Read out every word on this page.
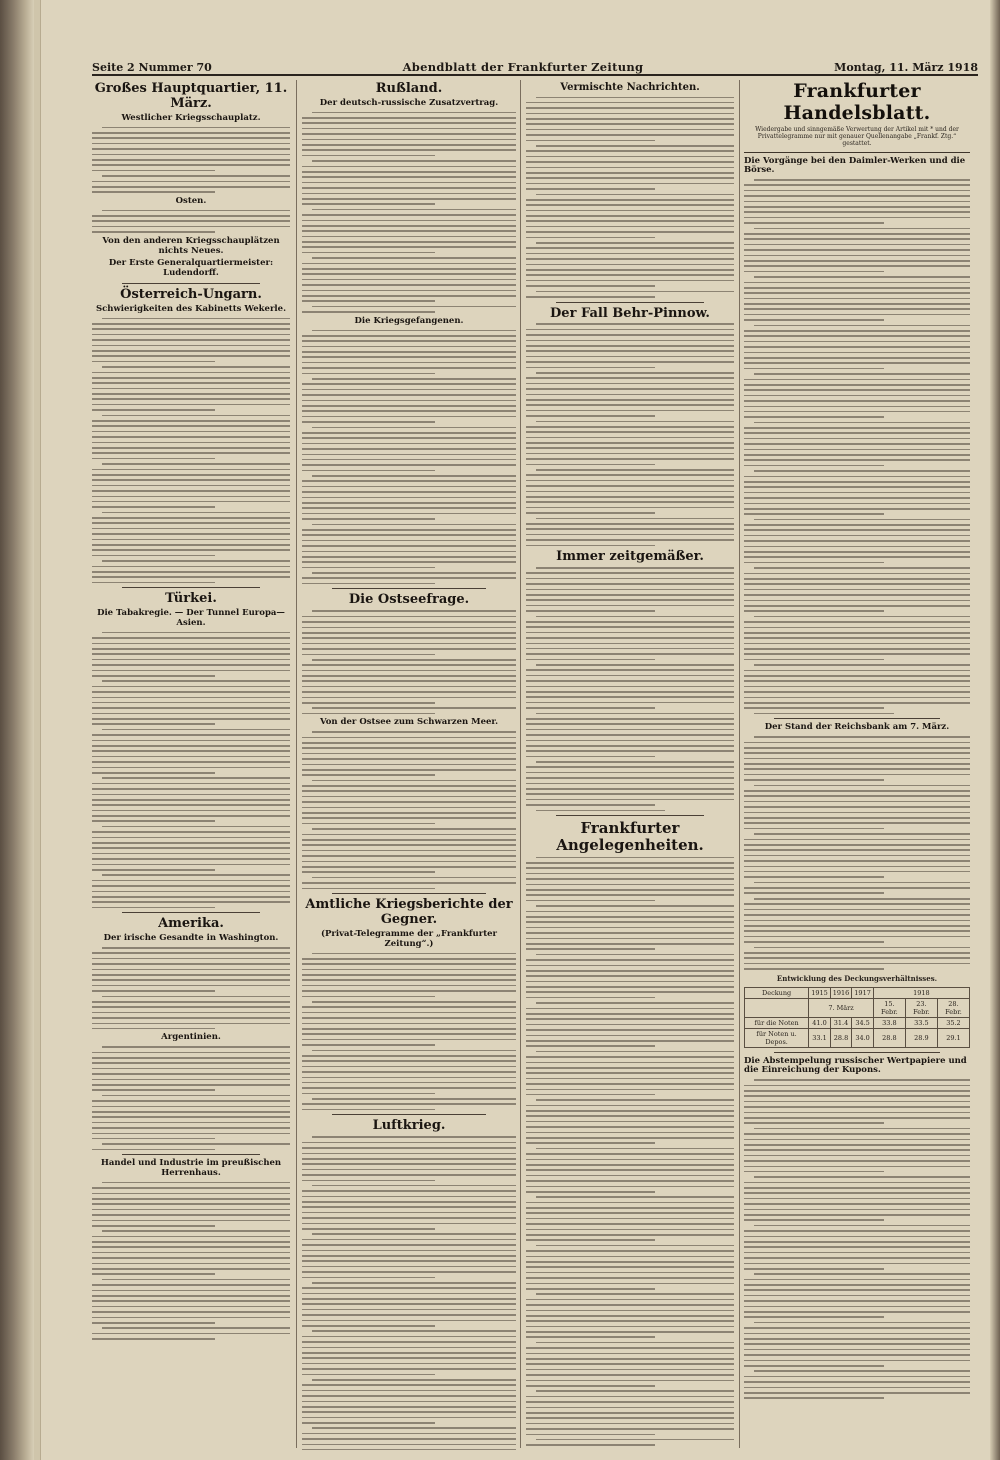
Seite 2 Nummer 70	Abendblatt der Frankfurter Zeitung	Montag, 11. März 1918
Großes Hauptquartier, 11. März.
Westlicher Kriegsschauplatz.
Osten.
Von den anderen Kriegsschauplätzen nichts Neues.
Der Erste Generalquartiermeister: Ludendorff.
Österreich-Ungarn.
Schwierigkeiten des Kabinetts Wekerle.
Türkei.
Die Tabakregie. — Der Tunnel Europa—Asien.
Amerika.
Der irische Gesandte in Washington.
Argentinien.
Handel und Industrie im preußischen Herrenhaus.
Rußland.
Der deutsch-russische Zusatzvertrag.
Die Kriegsgefangenen.
Die Ostseefrage.
Von der Ostsee zum Schwarzen Meer.
Amtliche Kriegsberichte der Gegner.
(Privat-Telegramme der „Frankfurter Zeitung“.)
Luftkrieg.
Vermischte Nachrichten.
Der Fall Behr-Pinnow.
Immer zeitgemäßer.
Frankfurter Angelegenheiten.
Frankfurter Handelsblatt.
Wiedergabe und sinngemäße Verwertung der Artikel mit * und der Privattelegramme nur mit genauer Quellenangabe „Frankf. Ztg.“ gestattet.
Die Vorgänge bei den Daimler-Werken und die Börse.
Der Stand der Reichsbank am 7. März.
Entwicklung des Deckungsverhältnisses.
Deckung	1915	1916	1917	1918		
	7. März			15. Febr.	23. Febr.	28. Febr.
für die Noten	41.0	31.4	34.5	33.8	33.5	35.2
für Noten u. Depos.	33.1	28.8	34.0	28.8	28.9	29.1
Die Abstempelung russischer Wertpapiere und die Einreichung der Kupons.
